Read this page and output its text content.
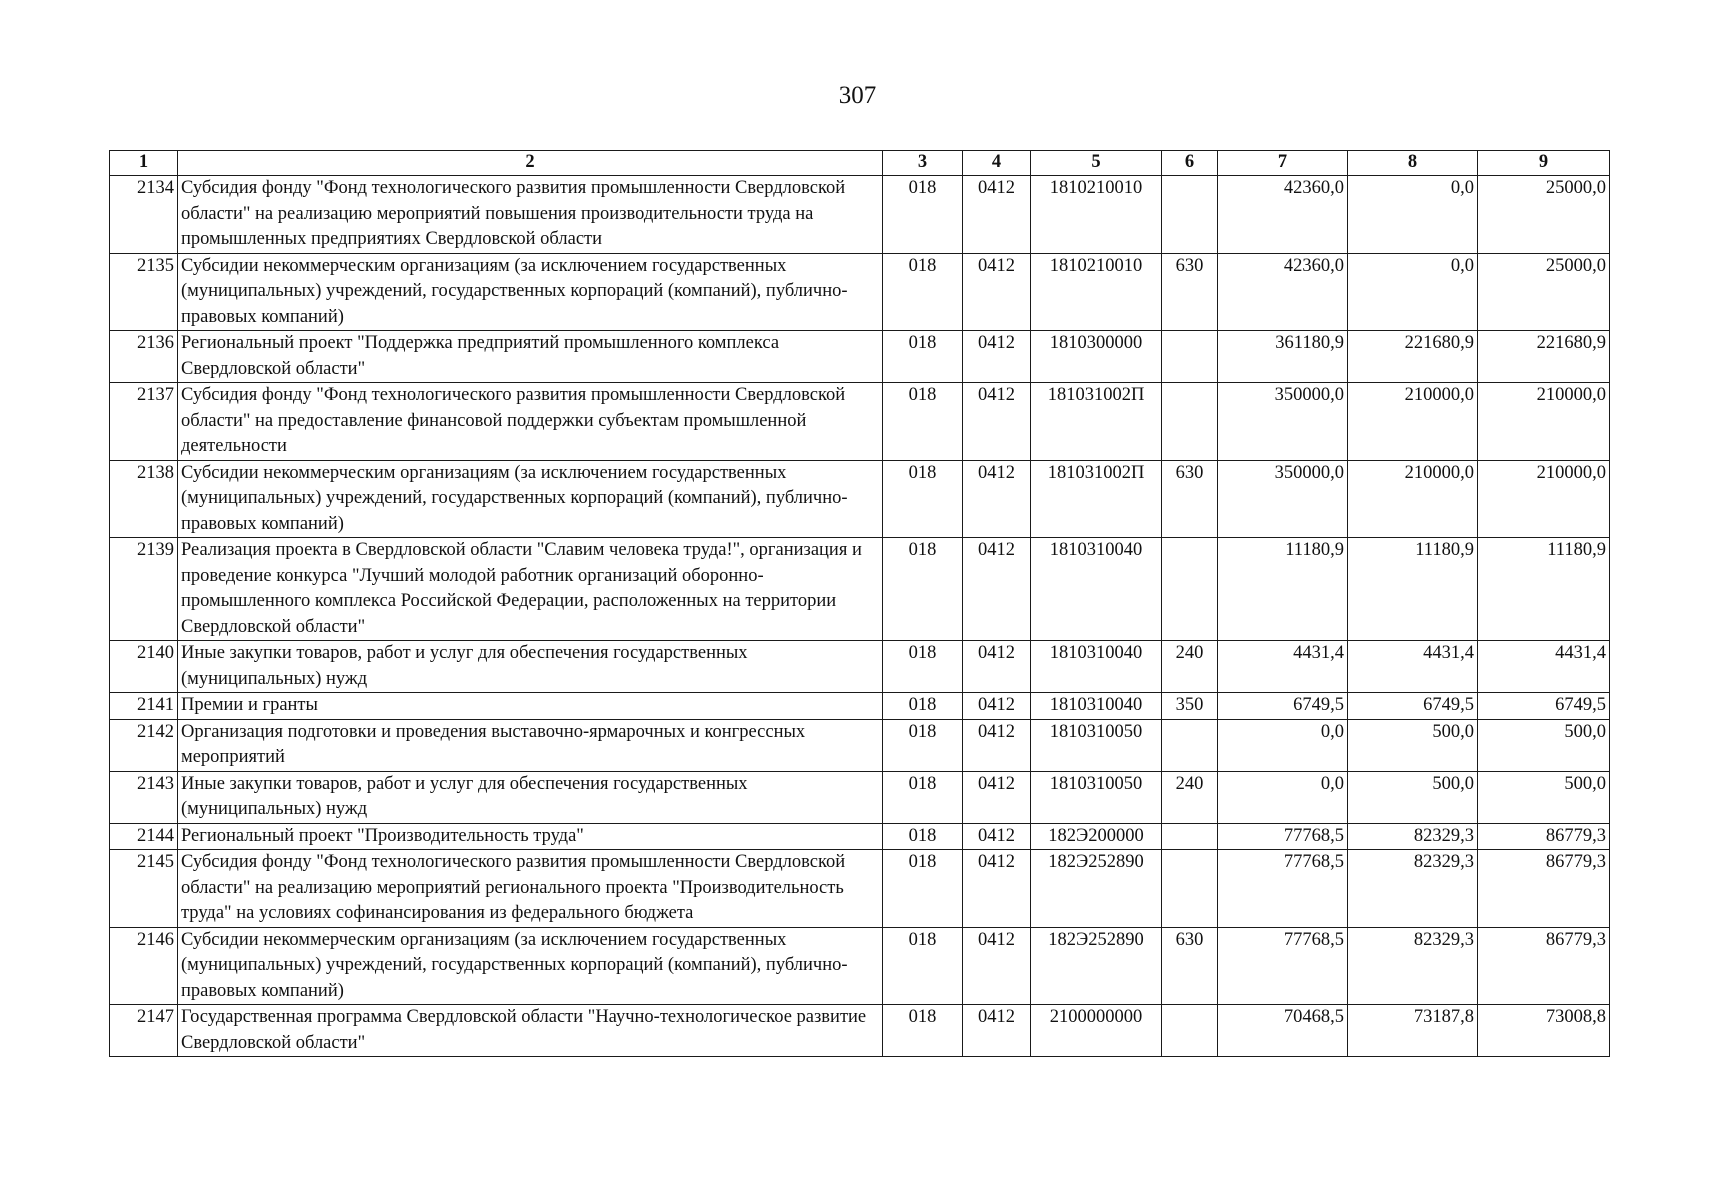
307
1	2	3	4	5	6	7	8	9
2134	Субсидия фонду "Фонд технологического развития промышленности Свердловской области" на реализацию мероприятий повышения производительности труда на промышленных предприятиях Свердловской области	018	0412	1810210010		42360,0	0,0	25000,0
2135	Субсидии некоммерческим организациям (за исключением государственных (муниципальных) учреждений, государственных корпораций (компаний), публично-правовых компаний)	018	0412	1810210010	630	42360,0	0,0	25000,0
2136	Региональный проект "Поддержка предприятий промышленного комплекса Свердловской области"	018	0412	1810300000		361180,9	221680,9	221680,9
2137	Субсидия фонду "Фонд технологического развития промышленности Свердловской области" на предоставление финансовой поддержки субъектам промышленной деятельности	018	0412	181031002П		350000,0	210000,0	210000,0
2138	Субсидии некоммерческим организациям (за исключением государственных (муниципальных) учреждений, государственных корпораций (компаний), публично-правовых компаний)	018	0412	181031002П	630	350000,0	210000,0	210000,0
2139	Реализация проекта в Свердловской области "Славим человека труда!", организация и проведение конкурса "Лучший молодой работник организаций оборонно-промышленного комплекса Российской Федерации, расположенных на территории Свердловской области"	018	0412	1810310040		11180,9	11180,9	11180,9
2140	Иные закупки товаров, работ и услуг для обеспечения государственных (муниципальных) нужд	018	0412	1810310040	240	4431,4	4431,4	4431,4
2141	Премии и гранты	018	0412	1810310040	350	6749,5	6749,5	6749,5
2142	Организация подготовки и проведения выставочно-ярмарочных и конгрессных мероприятий	018	0412	1810310050		0,0	500,0	500,0
2143	Иные закупки товаров, работ и услуг для обеспечения государственных (муниципальных) нужд	018	0412	1810310050	240	0,0	500,0	500,0
2144	Региональный проект "Производительность труда"	018	0412	182Э200000		77768,5	82329,3	86779,3
2145	Субсидия фонду "Фонд технологического развития промышленности Свердловской области" на реализацию мероприятий регионального проекта "Производительность труда" на условиях софинансирования из федерального бюджета	018	0412	182Э252890		77768,5	82329,3	86779,3
2146	Субсидии некоммерческим организациям (за исключением государственных (муниципальных) учреждений, государственных корпораций (компаний), публично-правовых компаний)	018	0412	182Э252890	630	77768,5	82329,3	86779,3
2147	Государственная программа Свердловской области "Научно-технологическое развитие Свердловской области"	018	0412	2100000000		70468,5	73187,8	73008,8
